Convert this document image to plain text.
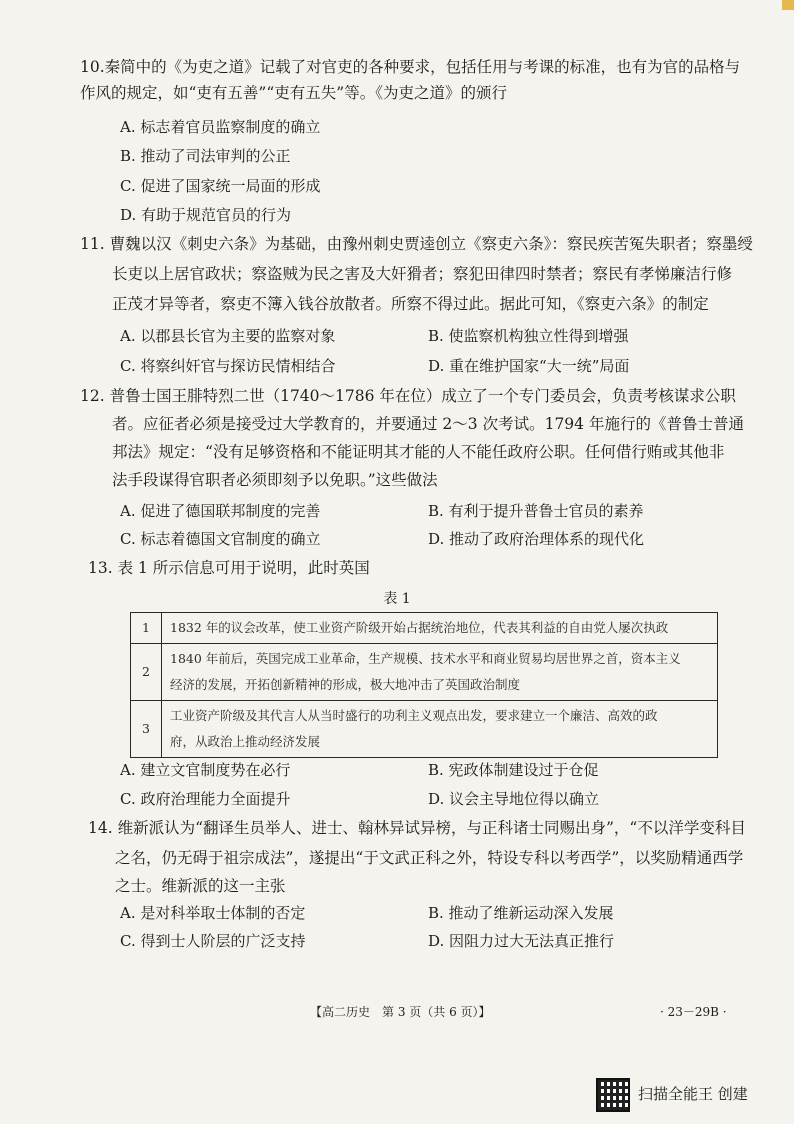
10.秦简中的《为吏之道》记载了对官吏的各种要求，包括任用与考课的标准，也有为官的品格与
作风的规定，如“吏有五善”“吏有五失”等。《为吏之道》的颁行
A. 标志着官员监察制度的确立
B. 推动了司法审判的公正
C. 促进了国家统一局面的形成
D. 有助于规范官员的行为
11. 曹魏以汉《刺史六条》为基础，由豫州刺史贾逵创立《察吏六条》：察民疾苦冤失职者；察墨绶
长吏以上居官政状；察盗贼为民之害及大奸猾者；察犯田律四时禁者；察民有孝悌廉洁行修
正茂才异等者，察吏不簿入钱谷放散者。所察不得过此。据此可知，《察吏六条》的制定
A. 以郡县长官为主要的监察对象	B. 使监察机构独立性得到增强
C. 将察纠奸官与探访民情相结合	D. 重在维护国家“大一统”局面
12. 普鲁士国王腓特烈二世（1740～1786 年在位）成立了一个专门委员会，负责考核谋求公职
者。应征者必须是接受过大学教育的，并要通过 2～3 次考试。1794 年施行的《普鲁士普通
邦法》规定：“没有足够资格和不能证明其才能的人不能任政府公职。任何借行贿或其他非
法手段谋得官职者必须即刻予以免职。”这些做法
A. 促进了德国联邦制度的完善	B. 有利于提升普鲁士官员的素养
C. 标志着德国文官制度的确立	D. 推动了政府治理体系的现代化
13. 表 1 所示信息可用于说明，此时英国
表 1
1	1832 年的议会改革，使工业资产阶级开始占据统治地位，代表其利益的自由党人屡次执政

2	1840 年前后，英国完成工业革命，生产规模、技术水平和商业贸易均居世界之首，资本主义
经济的发展，开拓创新精神的形成，极大地冲击了英国政治制度

3	工业资产阶级及其代言人从当时盛行的功利主义观点出发，要求建立一个廉洁、高效的政
府，从政治上推动经济发展
A. 建立文官制度势在必行	B. 宪政体制建设过于仓促
C. 政府治理能力全面提升	D. 议会主导地位得以确立
14. 维新派认为“翻译生员举人、进士、翰林异试异榜，与正科诸士同赐出身”，“不以洋学变科目
之名，仍无碍于祖宗成法”，遂提出“于文武正科之外，特设专科以考西学”，以奖励精通西学
之士。维新派的这一主张
A. 是对科举取士体制的否定	B. 推动了维新运动深入发展
C. 得到士人阶层的广泛支持	D. 因阻力过大无法真正推行
【高二历史　第 3 页（共 6 页）】	· 23－29B ·
扫描全能王 创建
